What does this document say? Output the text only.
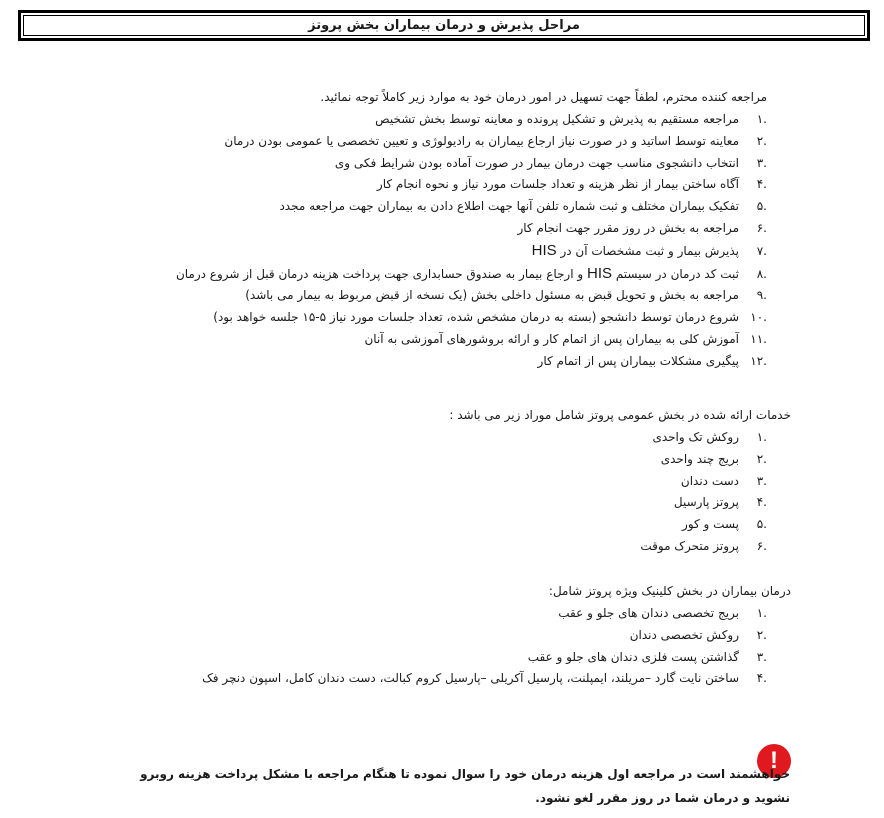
مراحل پذیرش و درمان بیماران بخش پروتز
مراجعه کننده محترم، لطفاً جهت تسهیل در امور درمان خود به موارد زیر کاملاً توجه نمائید.
.۱
مراجعه مستقیم به پذیرش و تشکیل پرونده و معاینه توسط بخش تشخیص
.۲
معاینه توسط اساتید و در صورت نیاز ارجاع بیماران به رادیولوژی و تعیین تخصصی یا عمومی بودن درمان
.۳
انتخاب دانشجوی مناسب جهت درمان بیمار در صورت آماده بودن شرایط فکی وی
.۴
آگاه ساختن بیمار از نظر هزینه و تعداد جلسات مورد نیاز و نحوه انجام کار
.۵
تفکیک بیماران مختلف و ثبت شماره تلفن آنها جهت اطلاع دادن به بیماران جهت مراجعه مجدد
.۶
مراجعه به بخش در روز مقرر جهت انجام کار
.۷
پذیرش بیمار و ثبت مشخصات آن در HIS
.۸
ثبت کد درمان در سیستم HIS و ارجاع بیمار به صندوق حسابداری جهت پرداخت هزینه درمان قبل از شروع درمان
.۹
مراجعه به بخش و تحویل قبض به مسئول داخلی بخش (یک نسخه از قبض مربوط به بیمار می باشد)
.۱۰
شروع درمان توسط دانشجو (بسته به درمان مشخص شده، تعداد جلسات مورد نیاز ۵-۱۵ جلسه خواهد بود)
.۱۱
آموزش کلی به بیماران پس از اتمام کار و ارائه بروشورهای آموزشی به آنان
.۱۲
پیگیری مشکلات بیماران پس از اتمام کار
خدمات ارائه شده در بخش عمومی پروتز شامل موراد زیر می باشد :
.۱
روکش تک واحدی
.۲
بریج چند واحدی
.۳
دست دندان
.۴
پروتز پارسیل
.۵
پست و کور
.۶
پروتز متحرک موقت
درمان بیماران در بخش کلینیک ویژه پروتز شامل:
.۱
بریج تخصصی دندان های جلو و عقب
.۲
روکش تخصصی دندان
.۳
گذاشتن پست فلزی دندان های جلو و عقب
.۴
ساختن نایت گارد –مریلند، ایمپلنت، پارسیل آکریلی –پارسیل کروم کبالت، دست دندان کامل، اسپون دنچر فک
!
خواهشمند است در مراجعه اول هزینه درمان خود را سوال نموده تا هنگام مراجعه با مشکل پرداخت هزینه روبرو نشوید و درمان شما در روز مقرر لغو نشود.
